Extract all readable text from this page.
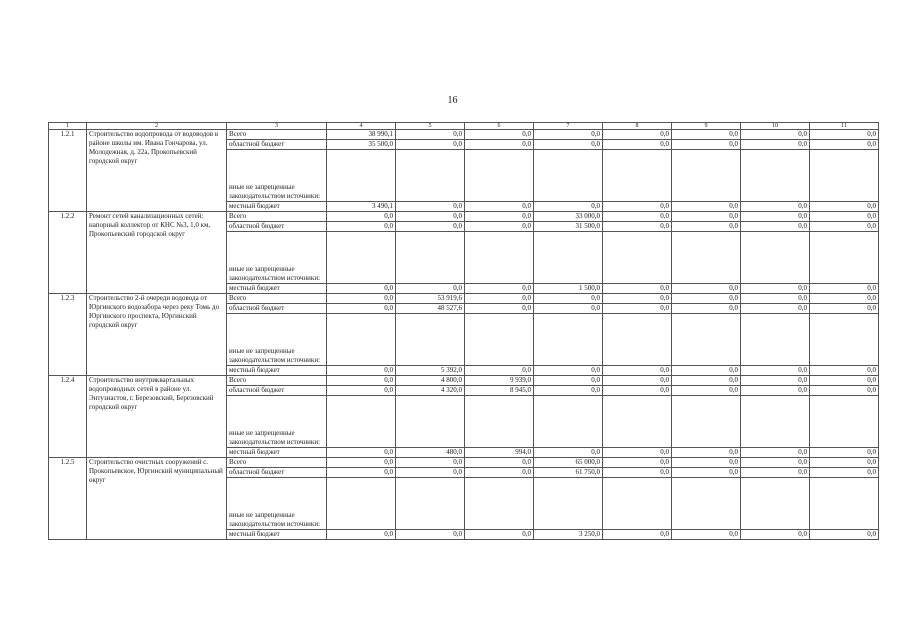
16
1	2	3	4	5	6	7	8	9	10	11
1.2.1	Строительство водопровода от водоводов в районе школы им. Ивана Гончарова, ул. Молодежная, д. 22а, Прокопьевский городской округ	Всего	38 990,1	0,0	0,0	0,0	0,0	0,0	0,0	0,0
		областной бюджет	35 500,0	0,0	0,0	0,0	0,0	0,0	0,0	0,0
		иные не запрещенные законодательством источники:								
		местный бюджет	3 490,1	0,0	0,0	0,0	0,0	0,0	0,0	0,0
1.2.2	Ремонт сетей канализационных сетей: напорный коллектор от КНС №3, 1,0 км, Прокопьевский городской округ	Всего	0,0	0,0	0,0	33 000,0	0,0	0,0	0,0	0,0
		областной бюджет	0,0	0,0	0,0	31 500,0	0,0	0,0	0,0	0,0
		иные не запрещенные законодательством источники:								
		местный бюджет	0,0	0,0	0,0	1 500,0	0,0	0,0	0,0	0,0
1.2.3	Строительство 2-й очереди водовода от Юргинского водозабора через реку Томь до Юргинского проспекта, Юргинский городской округ	Всего	0,0	53 919,6	0,0	0,0	0,0	0,0	0,0	0,0
		областной бюджет	0,0	48 527,6	0,0	0,0	0,0	0,0	0,0	0,0
		иные не запрещенные законодательством источники:								
		местный бюджет	0,0	5 392,0	0,0	0,0	0,0	0,0	0,0	0,0
1.2.4	Строительство внутриквартальных водопроводных сетей в районе ул. Энтузиастов, г. Березовский, Березовский городской округ	Всего	0,0	4 800,0	9 939,0	0,0	0,0	0,0	0,0	0,0
		областной бюджет	0,0	4 320,0	8 945,0	0,0	0,0	0,0	0,0	0,0
		иные не запрещенные законодательством источники:								
		местный бюджет	0,0	480,0	994,0	0,0	0,0	0,0	0,0	0,0
1.2.5	Строительство очистных сооружений с. Прокопьевское, Юргинский муниципальный округ	Всего	0,0	0,0	0,0	65 000,0	0,0	0,0	0,0	0,0
		областной бюджет	0,0	0,0	0,0	61 750,0	0,0	0,0	0,0	0,0
		иные не запрещенные законодательством источники:								
		местный бюджет	0,0	0,0	0,0	3 250,0	0,0	0,0	0,0	0,0
